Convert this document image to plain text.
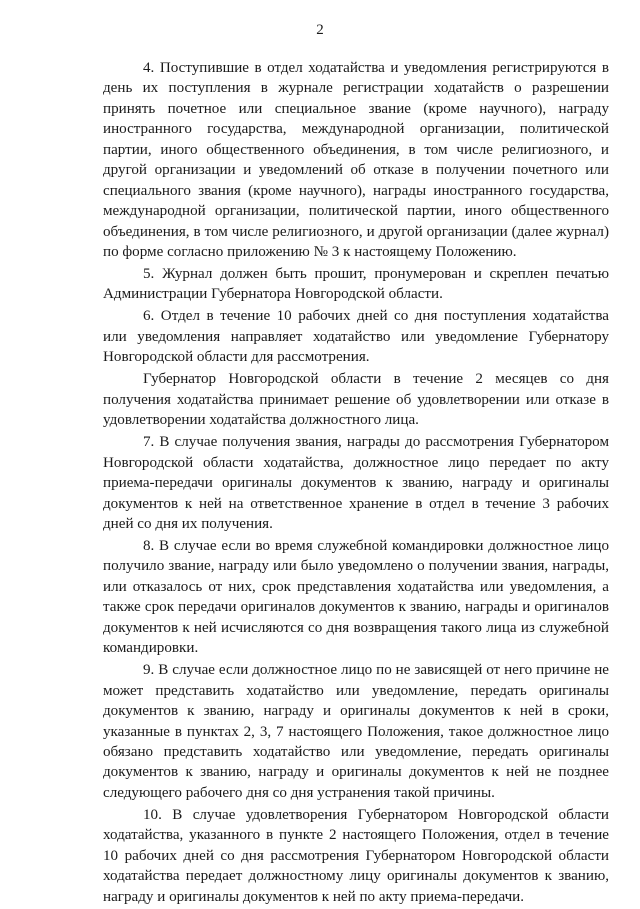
2

4. Поступившие в отдел ходатайства и уведомления регистрируются в день их поступления в журнале регистрации ходатайств о разрешении принять почетное или специальное звание (кроме научного), награду иностранного государства, международной организации, политической партии, иного общественного объединения, в том числе религиозного, и другой организации и уведомлений об отказе в получении почетного или специального звания (кроме научного), награды иностранного государства, международной организации, политической партии, иного общественного объединения, в том числе религиозного, и другой организации (далее журнал) по форме согласно приложению № 3 к настоящему Положению.

5. Журнал должен быть прошит, пронумерован и скреплен печатью Администрации Губернатора Новгородской области.

6. Отдел в течение 10 рабочих дней со дня поступления ходатайства или уведомления направляет ходатайство или уведомление Губернатору Новгородской области для рассмотрения.

Губернатор Новгородской области в течение 2 месяцев со дня получения ходатайства принимает решение об удовлетворении или отказе в удовлетворении ходатайства должностного лица.

7. В случае получения звания, награды до рассмотрения Губернатором Новгородской области ходатайства, должностное лицо передает по акту приема-передачи оригиналы документов к званию, награду и оригиналы документов к ней на ответственное хранение в отдел в течение 3 рабочих дней со дня их получения.

8. В случае если во время служебной командировки должностное лицо получило звание, награду или было уведомлено о получении звания, награды, или отказалось от них, срок представления ходатайства или уведомления, а также срок передачи оригиналов документов к званию, награды и оригиналов документов к ней исчисляются со дня возвращения такого лица из служебной командировки.

9. В случае если должностное лицо по не зависящей от него причине не может представить ходатайство или уведомление, передать оригиналы документов к званию, награду и оригиналы документов к ней в сроки, указанные в пунктах 2, 3, 7 настоящего Положения, такое должностное лицо обязано представить ходатайство или уведомление, передать оригиналы документов к званию, награду и оригиналы документов к ней не позднее следующего рабочего дня со дня устранения такой причины.

10. В случае удовлетворения Губернатором Новгородской области ходатайства, указанного в пункте 2 настоящего Положения, отдел в течение 10 рабочих дней со дня рассмотрения Губернатором Новгородской области ходатайства передает должностному лицу оригиналы документов к званию, награду и оригиналы документов к ней по акту приема-передачи.
